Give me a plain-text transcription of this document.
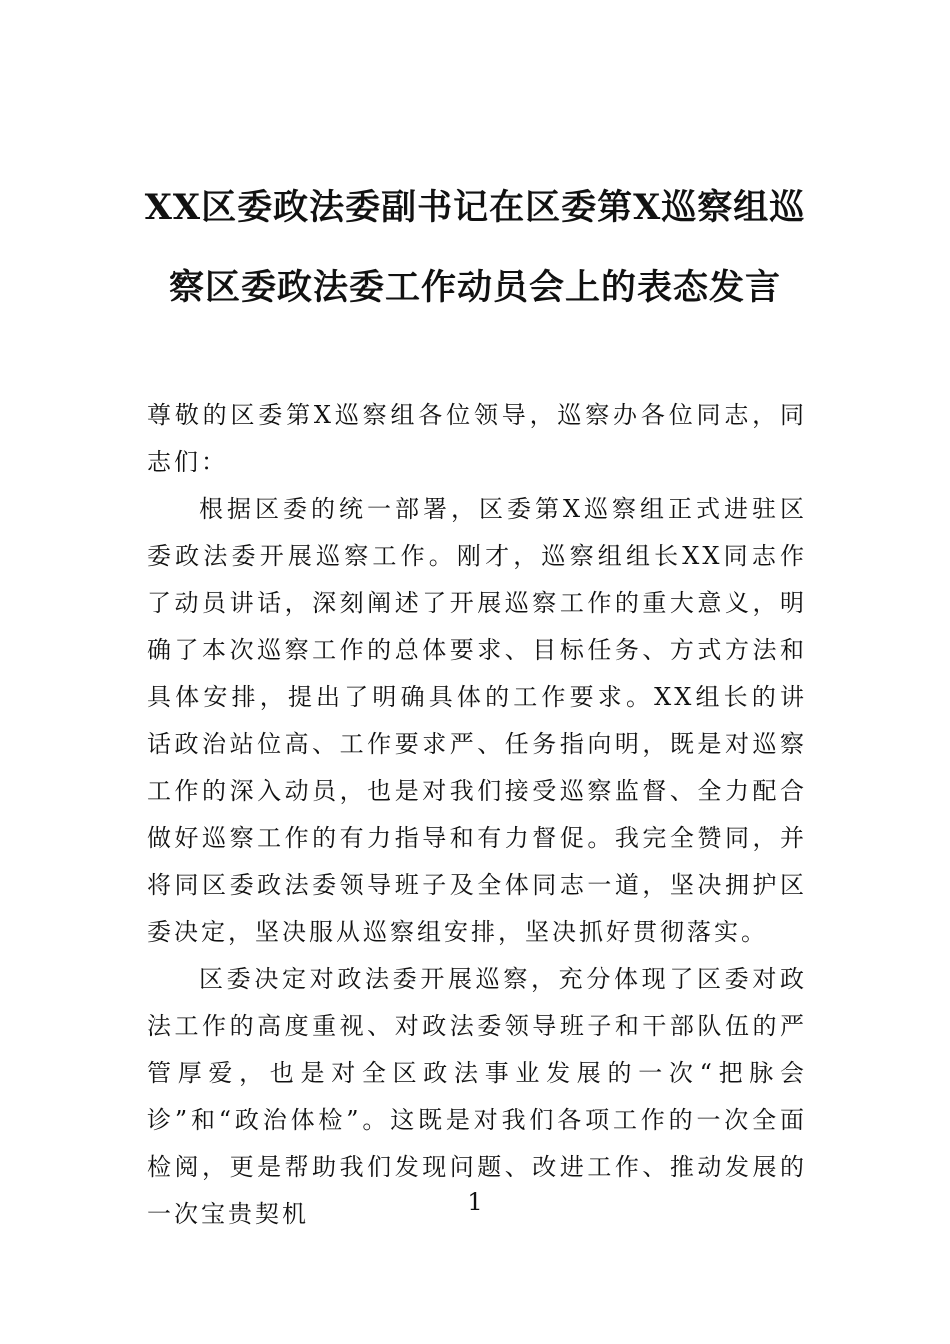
XX区委政法委副书记在区委第X巡察组巡
察区委政法委工作动员会上的表态发言

尊敬的区委第X巡察组各位领导，巡察办各位同志，同志们：

根据区委的统一部署，区委第X巡察组正式进驻区委政法委开展巡察工作。刚才，巡察组组长XX同志作了动员讲话，深刻阐述了开展巡察工作的重大意义，明确了本次巡察工作的总体要求、目标任务、方式方法和具体安排，提出了明确具体的工作要求。XX组长的讲话政治站位高、工作要求严、任务指向明，既是对巡察工作的深入动员，也是对我们接受巡察监督、全力配合做好巡察工作的有力指导和有力督促。我完全赞同，并将同区委政法委领导班子及全体同志一道，坚决拥护区委决定，坚决服从巡察组安排，坚决抓好贯彻落实。

区委决定对政法委开展巡察，充分体现了区委对政法工作的高度重视、对政法委领导班子和干部队伍的严管厚爱，也是对全区政法事业发展的一次“把脉会诊”和“政治体检”。这既是对我们各项工作的一次全面检阅，更是帮助我们发现问题、改进工作、推动发展的一次宝贵契机	1
